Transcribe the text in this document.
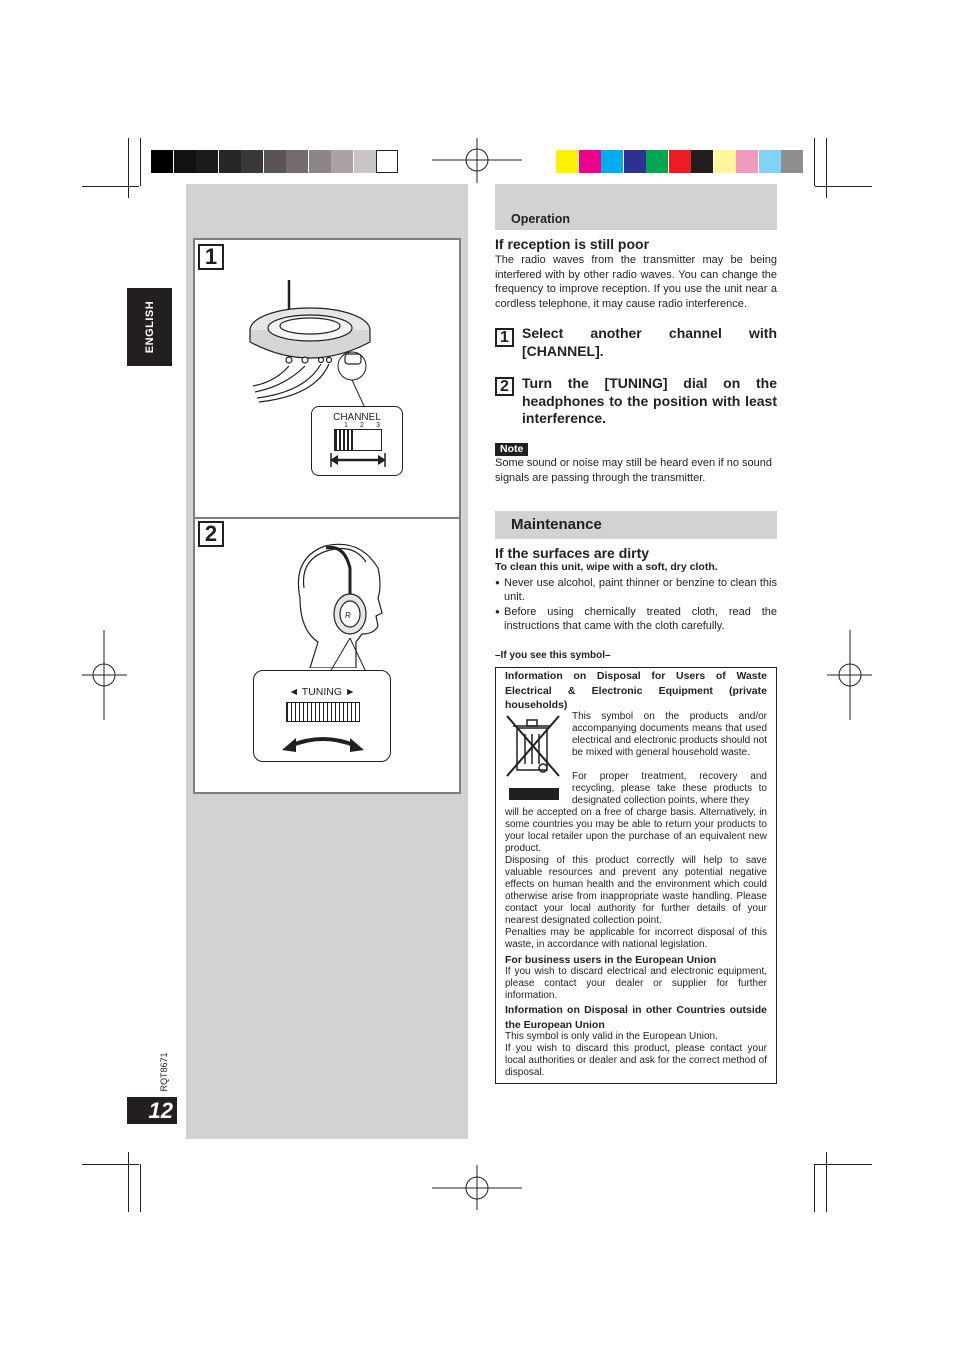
ENGLISH
RQT8671
12
1
2
CHANNEL
1 2 3
R
◄ TUNING ►
Operation
If reception is still poor
The radio waves from the transmitter may be being interfered with by other radio waves. You can change the frequency to improve reception. If you use the unit near a cordless telephone, it may cause radio interference.
1 Select another channel with [CHANNEL].
2 Turn the [TUNING] dial on the headphones to the position with least interference.
Note
Some sound or noise may still be heard even if no sound signals are passing through the transmitter.
Maintenance
If the surfaces are dirty
To clean this unit, wipe with a soft, dry cloth.
● Never use alcohol, paint thinner or benzine to clean this unit.
● Before using chemically treated cloth, read the instructions that came with the cloth carefully.
–If you see this symbol–
Information on Disposal for Users of Waste Electrical & Electronic Equipment (private households)
This symbol on the products and/or accompanying documents means that used electrical and electronic products should not be mixed with general household waste.
For proper treatment, recovery and recycling, please take these products to designated collection points, where they
will be accepted on a free of charge basis. Alternatively, in some countries you may be able to return your products to your local retailer upon the purchase of an equivalent new product.
Disposing of this product correctly will help to save valuable resources and prevent any potential negative effects on human health and the environment which could otherwise arise from inappropriate waste handling. Please contact your local authority for further details of your nearest designated collection point.
Penalties may be applicable for incorrect disposal of this waste, in accordance with national legislation.
For business users in the European Union
If you wish to discard electrical and electronic equipment, please contact your dealer or supplier for further information.
Information on Disposal in other Countries outside the European Union
This symbol is only valid in the European Union.
If you wish to discard this product, please contact your local authorities or dealer and ask for the correct method of disposal.
